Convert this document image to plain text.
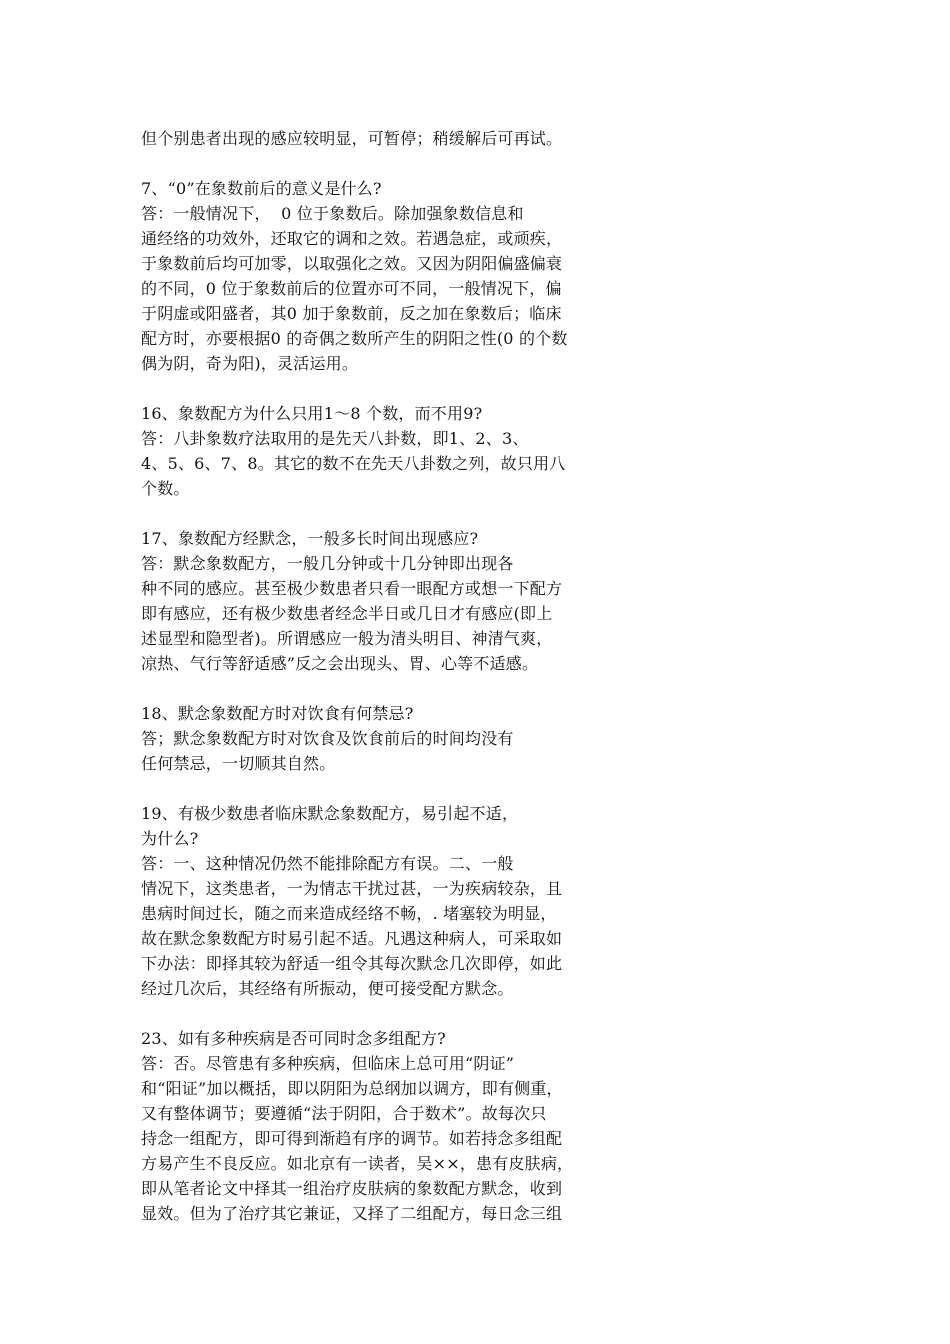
但个别患者出现的感应较明显，可暂停；稍缓解后可再试。
7、“0”在象数前后的意义是什么?
答：一般情况下，  0 位于象数后。除加强象数信息和
通经络的功效外，还取它的调和之效。若遇急症，或顽疾，
于象数前后均可加零，以取强化之效。又因为阴阳偏盛偏衰
的不同，0 位于象数前后的位置亦可不同，一般情况下，偏
于阴虚或阳盛者，其0 加于象数前，反之加在象数后；临床
配方时，亦要根据0 的奇偶之数所产生的阴阳之性(0 的个数
偶为阴，奇为阳)，灵活运用。
16、象数配方为什么只用1～8 个数，而不用9?
答：八卦象数疗法取用的是先天八卦数，即1、2、3、
4、5、6、7、8。其它的数不在先天八卦数之列，故只用八
个数。
17、象数配方经默念，一般多长时间出现感应?
答：默念象数配方，一般几分钟或十几分钟即出现各
种不同的感应。甚至极少数患者只看一眼配方或想一下配方
即有感应，还有极少数患者经念半日或几日才有感应(即上
述显型和隐型者)。所谓感应一般为清头明目、神清气爽，
凉热、气行等舒适感”反之会出现头、胃、心等不适感。
18、默念象数配方时对饮食有何禁忌?
答；默念象数配方时对饮食及饮食前后的时间均没有
任何禁忌，一切顺其自然。
19、有极少数患者临床默念象数配方，易引起不适，
为什么?
答：一、这种情况仍然不能排除配方有误。二、一般
情况下，这类患者，一为情志干扰过甚，一为疾病较杂，且
患病时间过长，随之而来造成经络不畅，. 堵塞较为明显，
故在默念象数配方时易引起不适。凡遇这种病人，可采取如
下办法：即择其较为舒适一组令其每次默念几次即停，如此
经过几次后，其经络有所振动，便可接受配方默念。
23、如有多种疾病是否可同时念多组配方?
答：否。尽管患有多种疾病，但临床上总可用“阴证”
和“阳证”加以概括，即以阴阳为总纲加以调方，即有侧重，
又有整体调节；要遵循“法于阴阳，合于数术”。故每次只
持念一组配方，即可得到渐趋有序的调节。如若持念多组配
方易产生不良反应。如北京有一读者，吴××，患有皮肤病，
即从笔者论文中择其一组治疗皮肤病的象数配方默念，收到
显效。但为了治疗其它兼证，又择了二组配方，每日念三组
